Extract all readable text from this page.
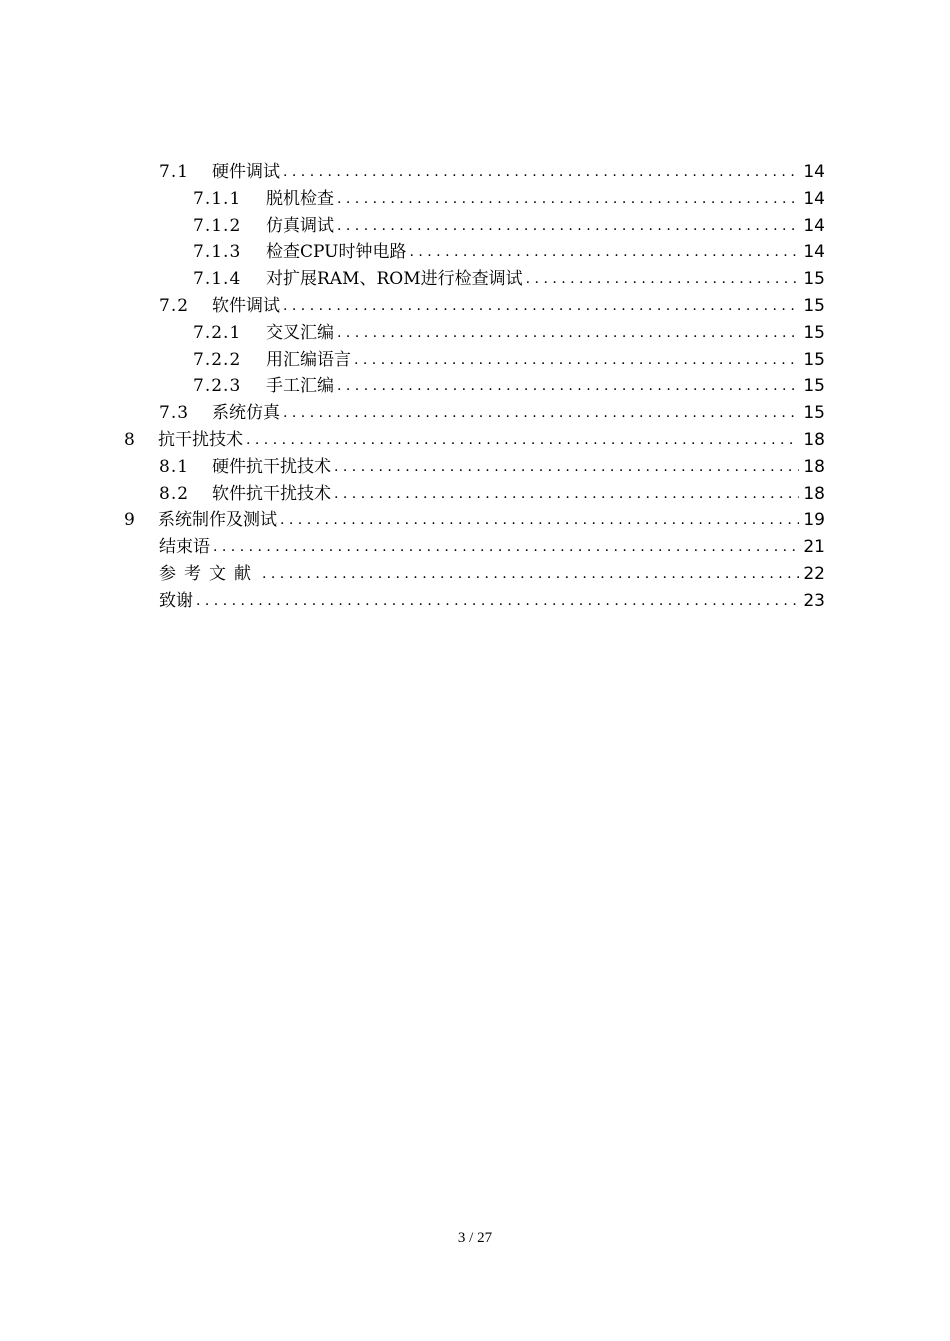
7.1	硬件调试 . . .	14
7.1.1	脱机检查 . . .	14
7.1.2	仿真调试 . . .	14
7.1.3	检查CPU时钟电路 . . .	14
7.1.4	对扩展RAM、ROM进行检查调试 . . .	15
7.2	软件调试 . . .	15
7.2.1	交叉汇编 . . .	15
7.2.2	用汇编语言 . . .	15
7.2.3	手工汇编 . . .	15
7.3	系统仿真 . . .	15
8	抗干扰技术 . . .	18
8.1	硬件抗干扰技术 . . .	18
8.2	软件抗干扰技术 . . .	18
9	系统制作及测试 . . .	19
结束语 . . .	21
参考文献 . . .	22
致谢 . . .	23
3 / 27
